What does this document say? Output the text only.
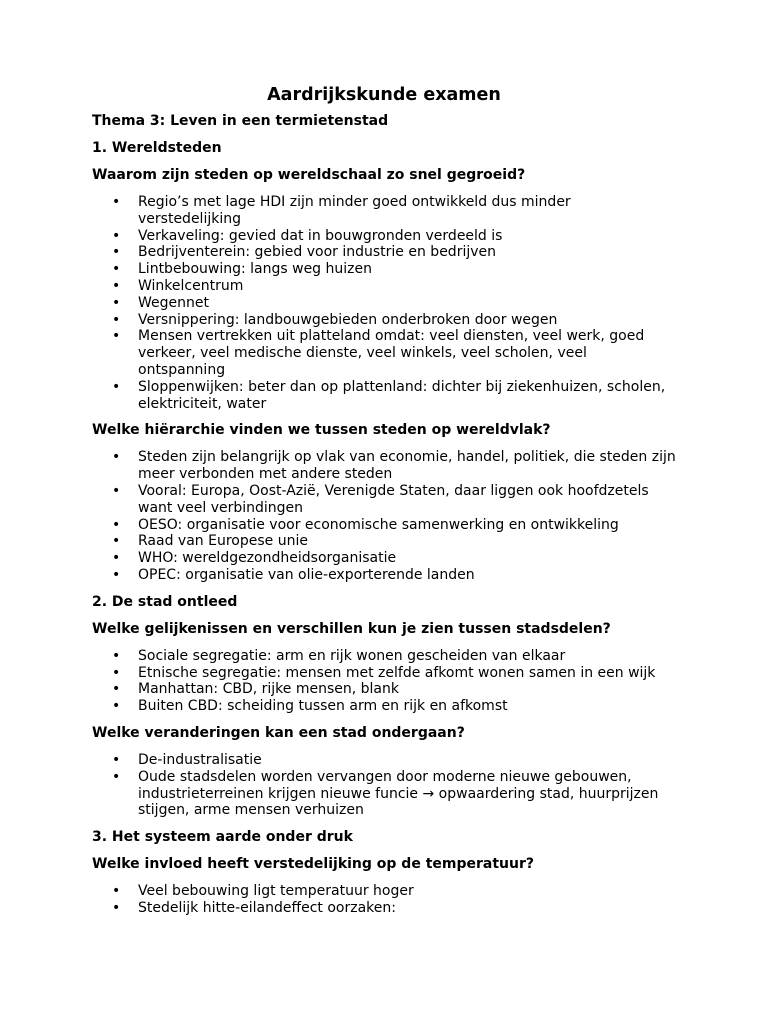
Aardrijkskunde examen
Thema 3: Leven in een termietenstad
1. Wereldsteden
Waarom zijn steden op wereldschaal zo snel gegroeid?
• Regio’s met lage HDI zijn minder goed ontwikkeld dus minder verstedelijking
• Verkaveling: gevied dat in bouwgronden verdeeld is
• Bedrijventerein: gebied voor industrie en bedrijven
• Lintbebouwing: langs weg huizen
• Winkelcentrum
• Wegennet
• Versnippering: landbouwgebieden onderbroken door wegen
• Mensen vertrekken uit platteland omdat: veel diensten, veel werk, goed verkeer, veel medische dienste, veel winkels, veel scholen, veel ontspanning
• Sloppenwijken: beter dan op plattenland: dichter bij ziekenhuizen, scholen, elektriciteit, water
Welke hiërarchie vinden we tussen steden op wereldvlak?
• Steden zijn belangrijk op vlak van economie, handel, politiek, die steden zijn meer verbonden met andere steden
• Vooral: Europa, Oost-Azië, Verenigde Staten, daar liggen ook hoofdzetels want veel verbindingen
• OESO: organisatie voor economische samenwerking en ontwikkeling
• Raad van Europese unie
• WHO: wereldgezondheidsorganisatie
• OPEC: organisatie van olie-exporterende landen
2. De stad ontleed
Welke gelijkenissen en verschillen kun je zien tussen stadsdelen?
• Sociale segregatie: arm en rijk wonen gescheiden van elkaar
• Etnische segregatie: mensen met zelfde afkomt wonen samen in een wijk
• Manhattan: CBD, rijke mensen, blank
• Buiten CBD: scheiding tussen arm en rijk en afkomst
Welke veranderingen kan een stad ondergaan?
• De-industralisatie
• Oude stadsdelen worden vervangen door moderne nieuwe gebouwen, industrieterreinen krijgen nieuwe funcie → opwaardering stad, huurprijzen stijgen, arme mensen verhuizen
3. Het systeem aarde onder druk
Welke invloed heeft verstedelijking op de temperatuur?
• Veel bebouwing ligt temperatuur hoger
• Stedelijk hitte-eilandeffect oorzaken:
